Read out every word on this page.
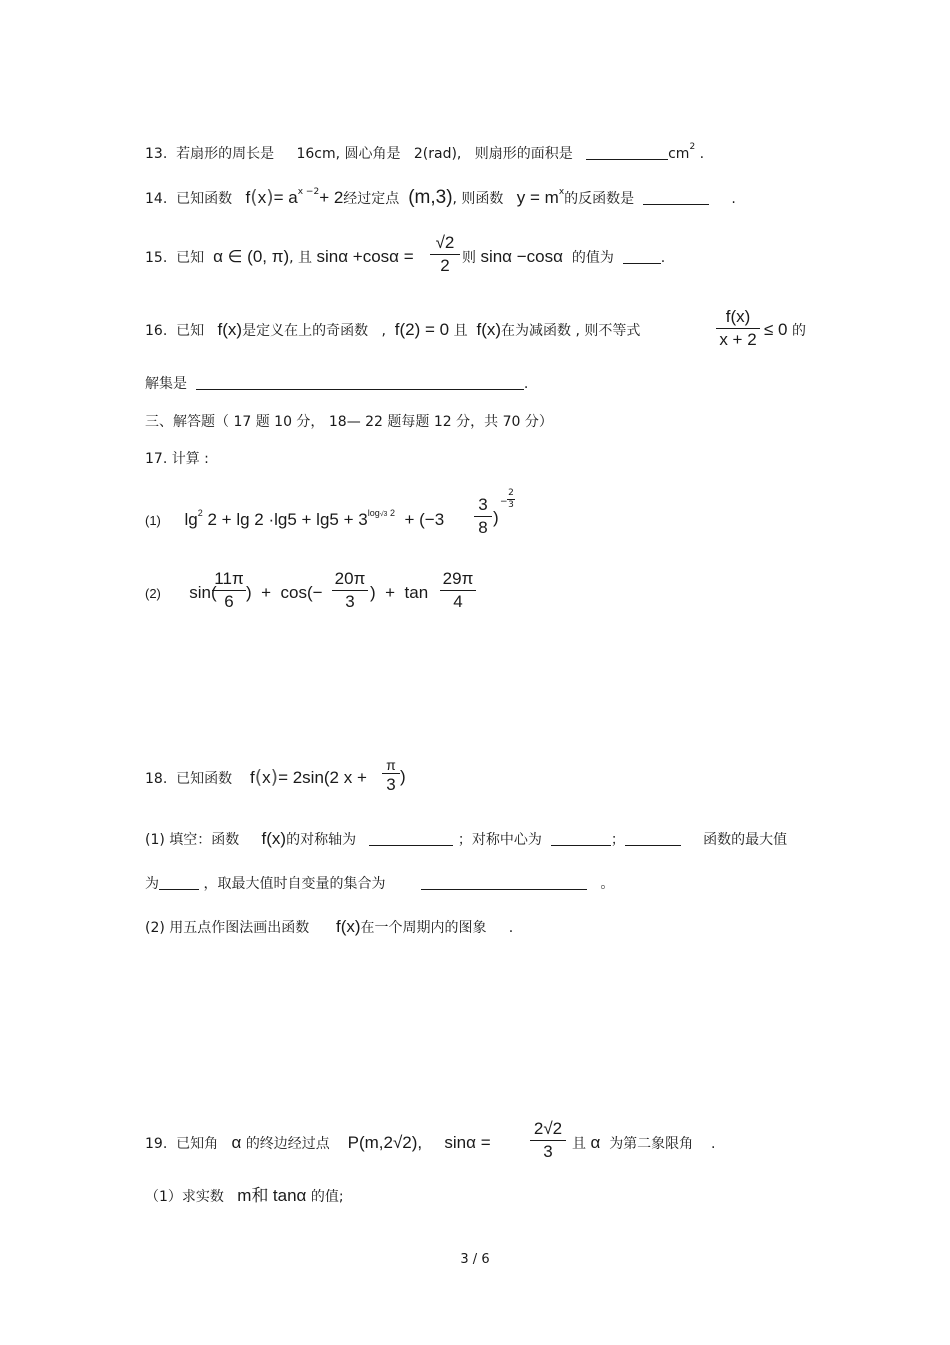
13. 若扇形的周长是 16cm, 圆心角是 2(rad), 则扇形的面积是	$cm^2$ .
14. 已知函数 $f(x)= a^{x -2}+ 2$经过定点 (m,3), 则函数 $y = m^x$的反函数是	.
15. 已知 α ∈ (0, π), 且 sinα +cosα =
√2
2 则 sinα −cosα 的值为	.
16. 已知 f(x)是定义在上的奇函数 , f(2) = 0 且 f(x)在为减函数 , 则不等式
f(x)
x + 2
≤ 0 的
解集是	.
三、解答题（ 17 题 10 分， 18— 22 题每题 12 分，共 70 分）
17. 计算 :
(1) $\lg^2 2 + \lg 2 \cdot\lg 5 + \lg 5 + 3^{log√3 2} + (-3$
3
8
)
−
2
3
(2) sin(
11π
6 ) + cos(−
20π
3 ) + tan
29π
4
18. 已知函数 f(x)= 2sin(2 x +
π
3 )
(1) 填空：函数 f(x)的对称轴为	；对称中心为	；	函数的最大值
为	，取最大值时自变量的集合为	。
(2) 用五点作图法画出函数 f(x)在一个周期内的图象 .
19. 已知角 α 的终边经过点 P(m,2√2), sinα =
2√2
3	且 α 为第二象限角 .
（1）求实数 m和 tanα 的值;
3 / 6
